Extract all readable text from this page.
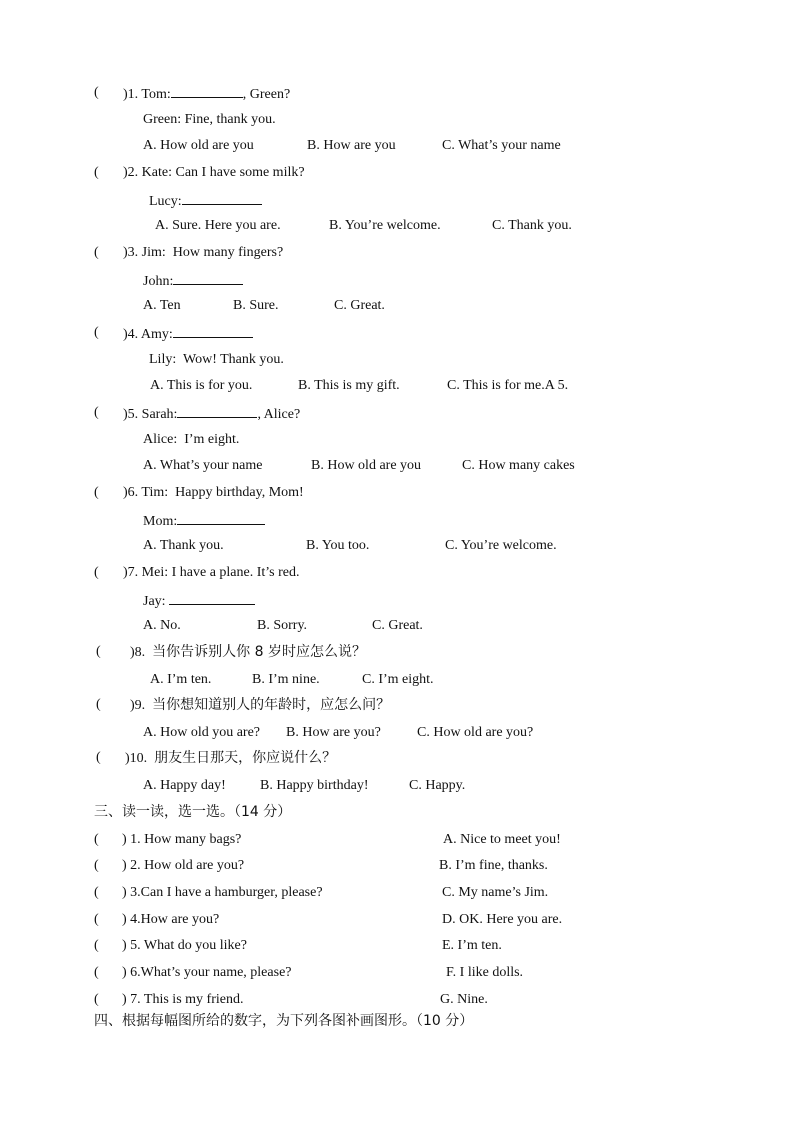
( )1. Tom:	, Green?
Green: Fine, thank you.
A. How old are you	B. How are you	C. What’s your name
( )2. Kate: Can I have some milk?
Lucy:
A. Sure. Here you are.	B. You’re welcome.	C. Thank you.
( )3. Jim: How many fingers?
John:
A. Ten	B. Sure.	C. Great.
( )4. Amy:
Lily: Wow! Thank you.
A. This is for you.	B. This is my gift.	C. This is for me.A 5.
( )5. Sarah:	, Alice?
Alice: I’m eight.
A. What’s your name	B. How old are you	C. How many cakes
( )6. Tim: Happy birthday, Mom!
Mom:
A. Thank you.	B. You too.	C. You’re welcome.
( )7. Mei: I have a plane. It’s red.
Jay:
A. No.	B. Sorry.	C. Great.
( )8. 当你告诉别人你 8 岁时应怎么说？
A. I’m ten.	B. I’m nine.	C. I’m eight.
( )9. 当你想知道别人的年龄时，应怎么问？
A. How old you are? B. How are you?	C. How old are you?
( )10. 朋友生日那天，你应说什么？
A. Happy day! B. Happy birthday!	C. Happy.
三、读一读，选一选。（14 分）
( ) 1. How many bags?	A. Nice to meet you!
( ) 2. How old are you?	B. I’m fine, thanks.
( ) 3.Can I have a hamburger, please?	C. My name’s Jim.
( ) 4.How are you?	D. OK. Here you are.
( ) 5. What do you like?	E. I’m ten.
( ) 6.What’s your name, please?	F. I like dolls.
( ) 7. This is my friend.	G. Nine.
四、根据每幅图所给的数字，为下列各图补画图形。（10 分）
